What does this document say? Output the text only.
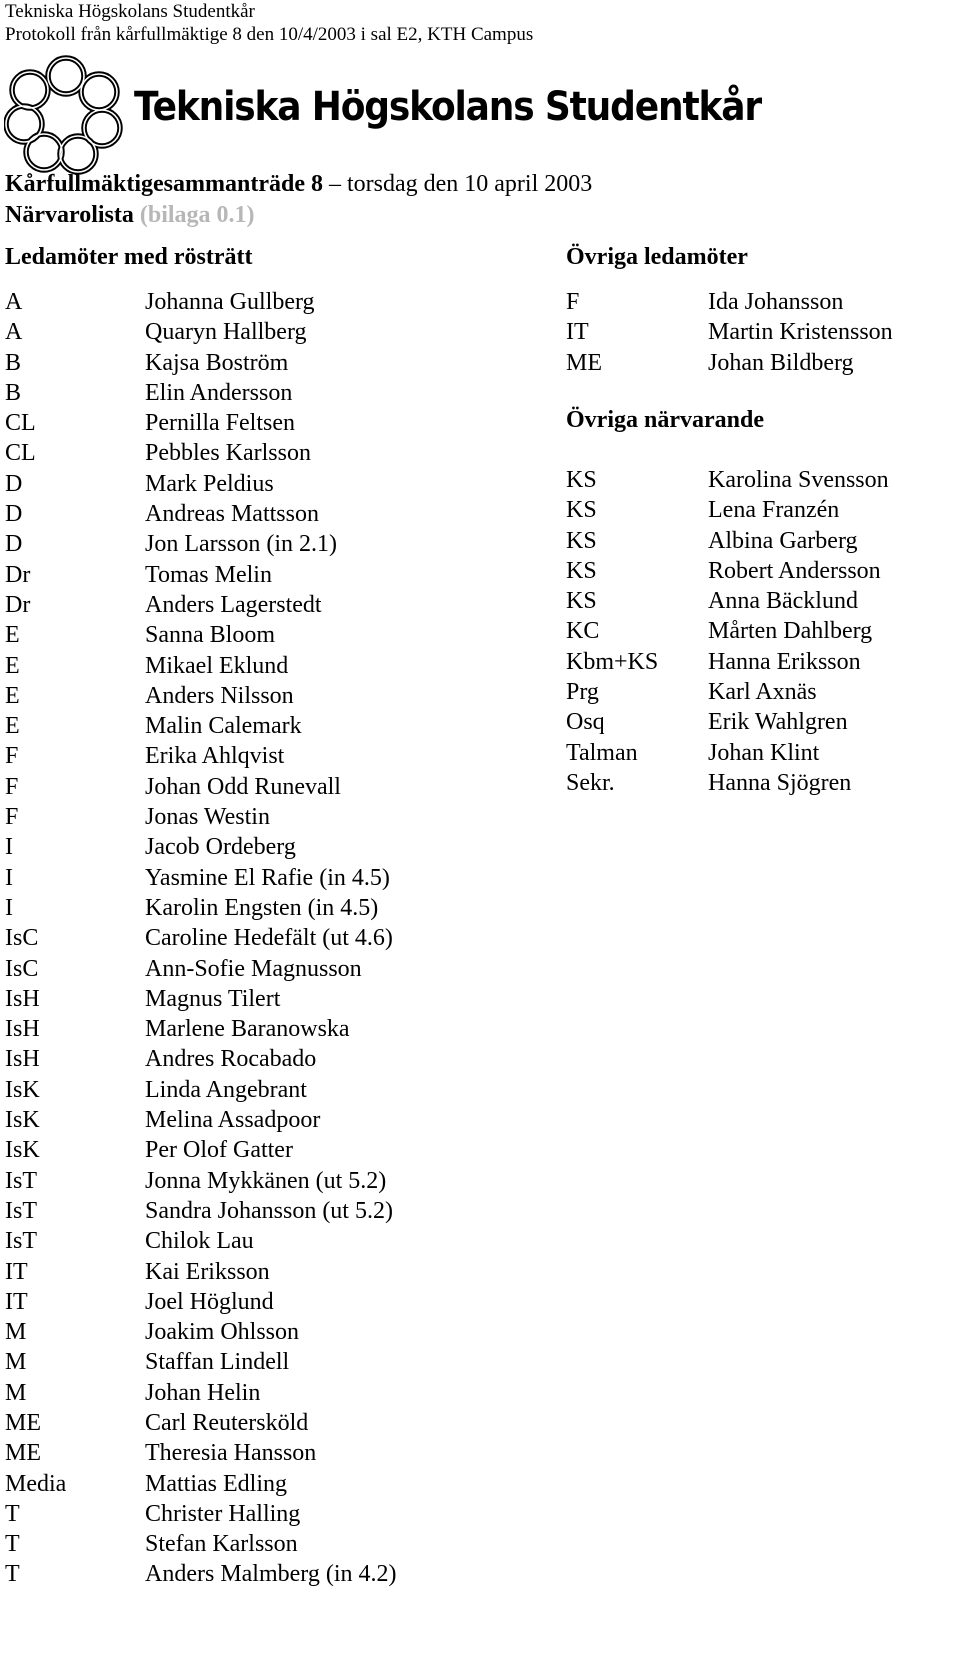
Tekniska Högskolans Studentkår
Protokoll från kårfullmäktige 8 den 10/4/2003 i sal E2, KTH Campus
Tekniska Högskolans Studentkår
Kårfullmäktigesammanträde 8 – torsdag den 10 april 2003
Närvarolista (bilaga 0.1)
Ledamöter med rösträtt	Övriga ledamöter
Övriga närvarande
A	Johanna Gullberg
A	Quaryn Hallberg
B	Kajsa Boström
B	Elin Andersson
CL	Pernilla Feltsen
CL	Pebbles Karlsson
D	Mark Peldius
D	Andreas Mattsson
D	Jon Larsson (in 2.1)
Dr	Tomas Melin
Dr	Anders Lagerstedt
E	Sanna Bloom
E	Mikael Eklund
E	Anders Nilsson
E	Malin Calemark
F	Erika Ahlqvist
F	Johan Odd Runevall
F	Jonas Westin
I	Jacob Ordeberg
I	Yasmine El Rafie (in 4.5)
I	Karolin Engsten (in 4.5)
IsC	Caroline Hedefält (ut 4.6)
IsC	Ann-Sofie Magnusson
IsH	Magnus Tilert
IsH	Marlene Baranowska
IsH	Andres Rocabado
IsK	Linda Angebrant
IsK	Melina Assadpoor
IsK	Per Olof Gatter
IsT	Jonna Mykkänen (ut 5.2)
IsT	Sandra Johansson (ut 5.2)
IsT	Chilok Lau
IT	Kai Eriksson
IT	Joel Höglund
M	Joakim Ohlsson
M	Staffan Lindell
M	Johan Helin
ME	Carl Reutersköld
ME	Theresia Hansson
Media	Mattias Edling
T	Christer Halling
T	Stefan Karlsson
T	Anders Malmberg (in 4.2)
F	Ida Johansson
IT	Martin Kristensson
ME	Johan Bildberg
KS	Karolina Svensson
KS	Lena Franzén
KS	Albina Garberg
KS	Robert Andersson
KS	Anna Bäcklund
KC	Mårten Dahlberg
Kbm+KS Hanna Eriksson
Prg	Karl Axnäs
Osq	Erik Wahlgren
Talman	Johan Klint
Sekr.	Hanna Sjögren
